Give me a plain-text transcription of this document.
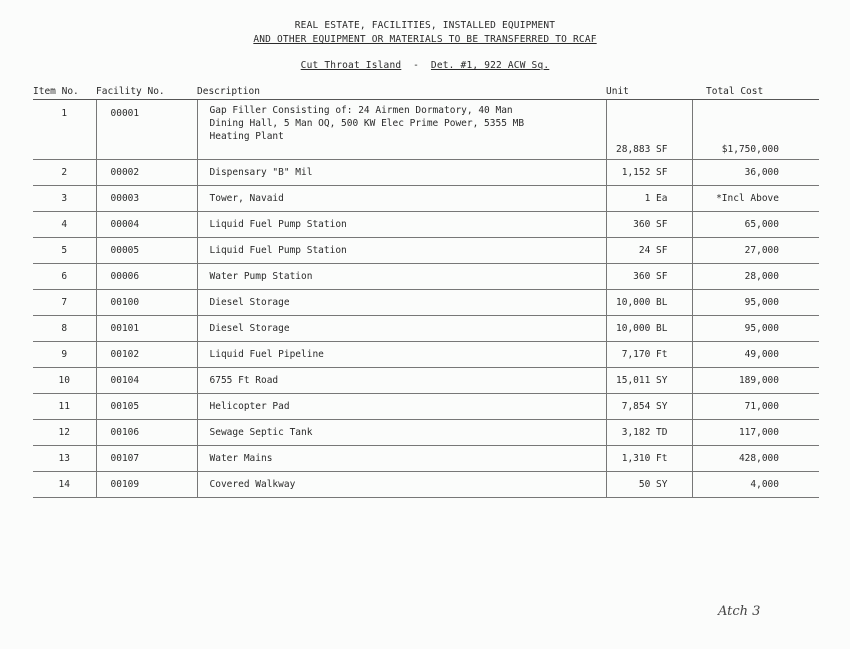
REAL ESTATE, FACILITIES, INSTALLED EQUIPMENT
AND OTHER EQUIPMENT OR MATERIALS TO BE TRANSFERRED TO RCAF
Cut Throat Island - Det. #1, 922 ACW Sq.
Item No.	Facility No.	Description	Unit	Total Cost
1	00001	Gap Filler Consisting of: 24 Airmen Dormatory, 40 Man
Dining Hall, 5 Man OQ, 500 KW Elec Prime Power, 5355 MB
Heating Plant	28,883 SF	$1,750,000
2	00002	Dispensary "B" Mil	1,152 SF	36,000
3	00003	Tower, Navaid	1 Ea	*Incl Above
4	00004	Liquid Fuel Pump Station	360 SF	65,000
5	00005	Liquid Fuel Pump Station	24 SF	27,000
6	00006	Water Pump Station	360 SF	28,000
7	00100	Diesel Storage	10,000 BL	95,000
8	00101	Diesel Storage	10,000 BL	95,000
9	00102	Liquid Fuel Pipeline	7,170 Ft	49,000
10	00104	6755 Ft Road	15,011 SY	189,000
11	00105	Helicopter Pad	7,854 SY	71,000
12	00106	Sewage Septic Tank	3,182 TD	117,000
13	00107	Water Mains	1,310 Ft	428,000
14	00109	Covered Walkway	50 SY	4,000
Atch 3
